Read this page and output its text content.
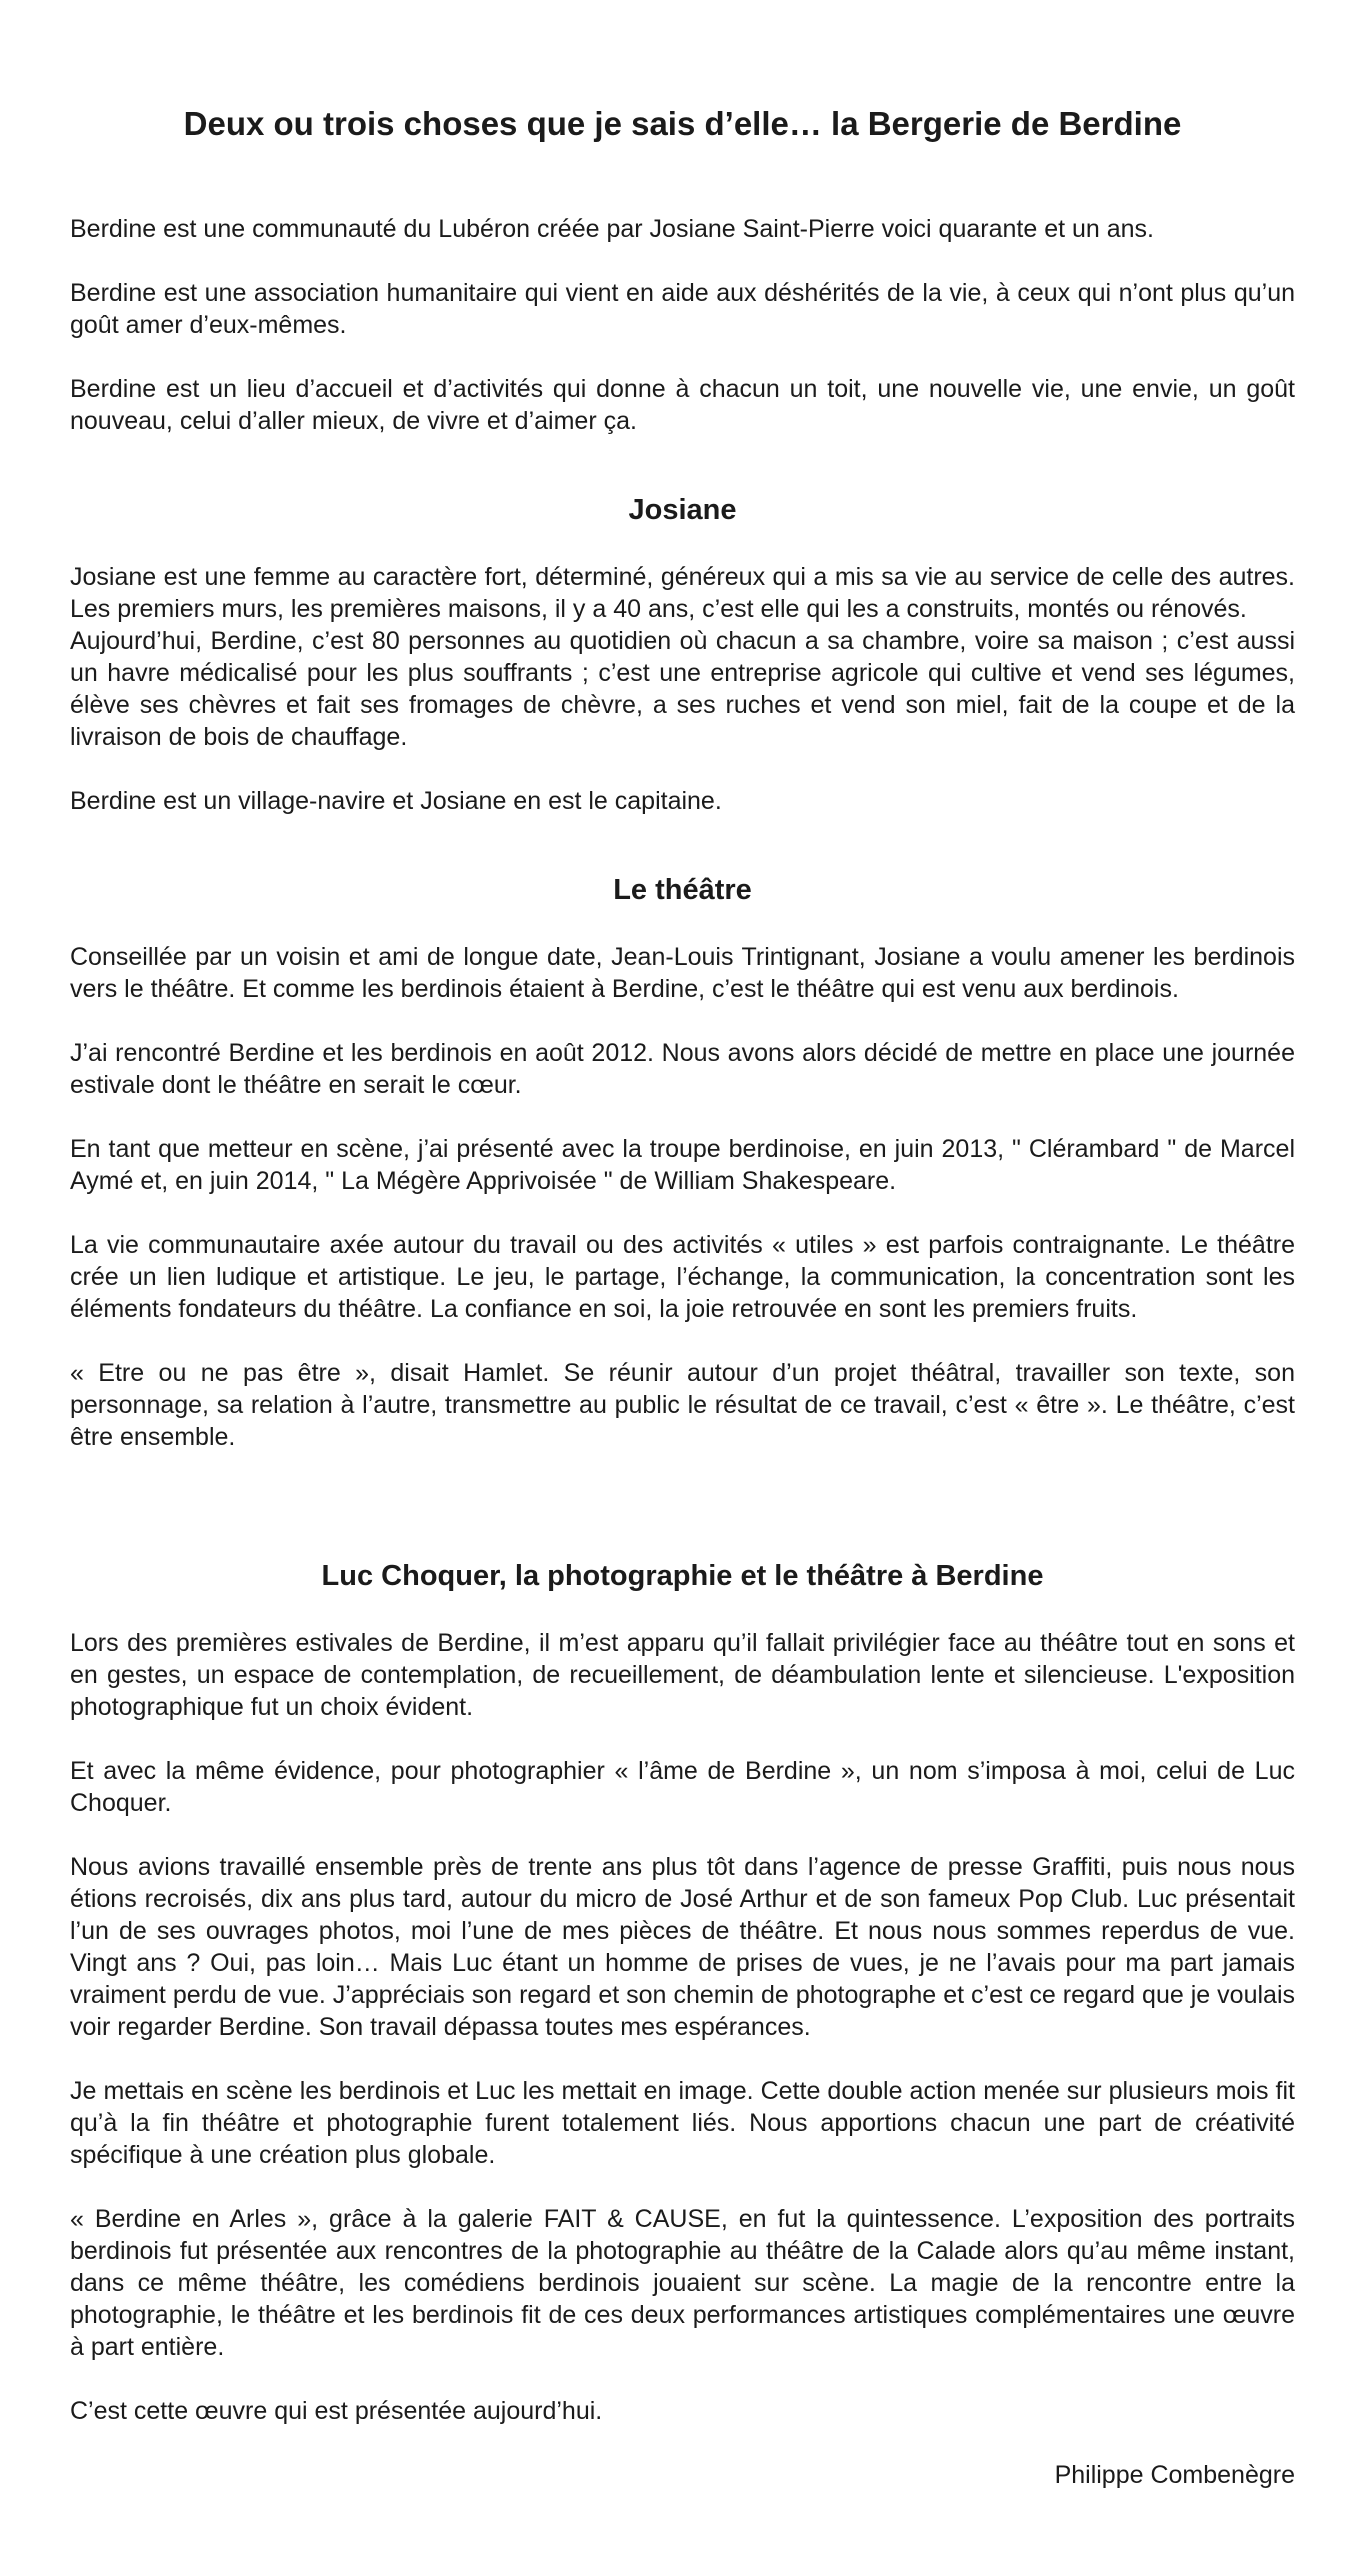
Deux ou trois choses que je sais d’elle… la Bergerie de Berdine

Berdine est une communauté du Lubéron créée par Josiane Saint-Pierre voici quarante et un ans.

Berdine est une association humanitaire qui vient en aide aux déshérités de la vie, à ceux qui n’ont plus qu’un goût amer d’eux-mêmes.

Berdine est un lieu d’accueil et d’activités qui donne à chacun un toit, une nouvelle vie, une envie, un goût nouveau, celui d’aller mieux, de vivre et d’aimer ça.

Josiane

Josiane est une femme au caractère fort, déterminé, généreux qui a mis sa vie au service de celle des autres. Les premiers murs, les premières maisons, il y a 40 ans, c’est elle qui les a construits, montés ou rénovés.
Aujourd’hui, Berdine, c’est 80 personnes au quotidien où chacun a sa chambre, voire sa maison ; c’est aussi un havre médicalisé pour les plus souffrants ; c’est une entreprise agricole qui cultive et vend ses légumes, élève ses chèvres et fait ses fromages de chèvre, a ses ruches et vend son miel, fait de la coupe et de la livraison de bois de chauffage.

Berdine est un village-navire et Josiane en est le capitaine.

Le théâtre

Conseillée par un voisin et ami de longue date, Jean-Louis Trintignant, Josiane a voulu amener les berdinois vers le théâtre. Et comme les berdinois étaient à Berdine, c’est le théâtre qui est venu aux berdinois.

J’ai rencontré Berdine et les berdinois en août 2012. Nous avons alors décidé de mettre en place une journée estivale dont le théâtre en serait le cœur.

En tant que metteur en scène, j’ai présenté avec la troupe berdinoise, en juin 2013, " Clérambard " de Marcel Aymé et, en juin 2014, " La Mégère Apprivoisée " de William Shakespeare.

La vie communautaire axée autour du travail ou des activités « utiles » est parfois contraignante. Le théâtre crée un lien ludique et artistique. Le jeu, le partage, l’échange, la communication, la concentration sont les éléments fondateurs du théâtre. La confiance en soi, la joie retrouvée en sont les premiers fruits.

« Etre ou ne pas être », disait Hamlet. Se réunir autour d’un projet théâtral, travailler son texte, son personnage, sa relation à l’autre, transmettre au public le résultat de ce travail, c’est « être ». Le théâtre, c’est être ensemble.

Luc Choquer, la photographie et le théâtre à Berdine

Lors des premières estivales de Berdine, il m’est apparu qu’il fallait privilégier face au théâtre tout en sons et en gestes, un espace de contemplation, de recueillement, de déambulation lente et silencieuse. L'exposition photographique fut un choix évident.

Et avec la même évidence, pour photographier « l’âme de Berdine », un nom s’imposa à moi, celui de Luc Choquer.

Nous avions travaillé ensemble près de trente ans plus tôt dans l’agence de presse Graffiti, puis nous nous étions recroisés, dix ans plus tard, autour du micro de José Arthur et de son fameux Pop Club. Luc présentait l’un de ses ouvrages photos, moi l’une de mes pièces de théâtre. Et nous nous sommes reperdus de vue. Vingt ans ? Oui, pas loin… Mais Luc étant un homme de prises de vues, je ne l’avais pour ma part jamais vraiment perdu de vue. J’appréciais son regard et son chemin de photographe et c’est ce regard que je voulais voir regarder Berdine. Son travail dépassa toutes mes espérances.

Je mettais en scène les berdinois et Luc les mettait en image. Cette double action menée sur plusieurs mois fit qu’à la fin théâtre et photographie furent totalement liés. Nous apportions chacun une part de créativité spécifique à une création plus globale.

« Berdine en Arles », grâce à la galerie FAIT & CAUSE, en fut la quintessence. L’exposition des portraits berdinois fut présentée aux rencontres de la photographie au théâtre de la Calade alors qu’au même instant, dans ce même théâtre, les comédiens berdinois jouaient sur scène. La magie de la rencontre entre la photographie, le théâtre et les berdinois fit de ces deux performances artistiques complémentaires une œuvre à part entière.

C’est cette œuvre qui est présentée aujourd’hui.

Philippe Combenègre
